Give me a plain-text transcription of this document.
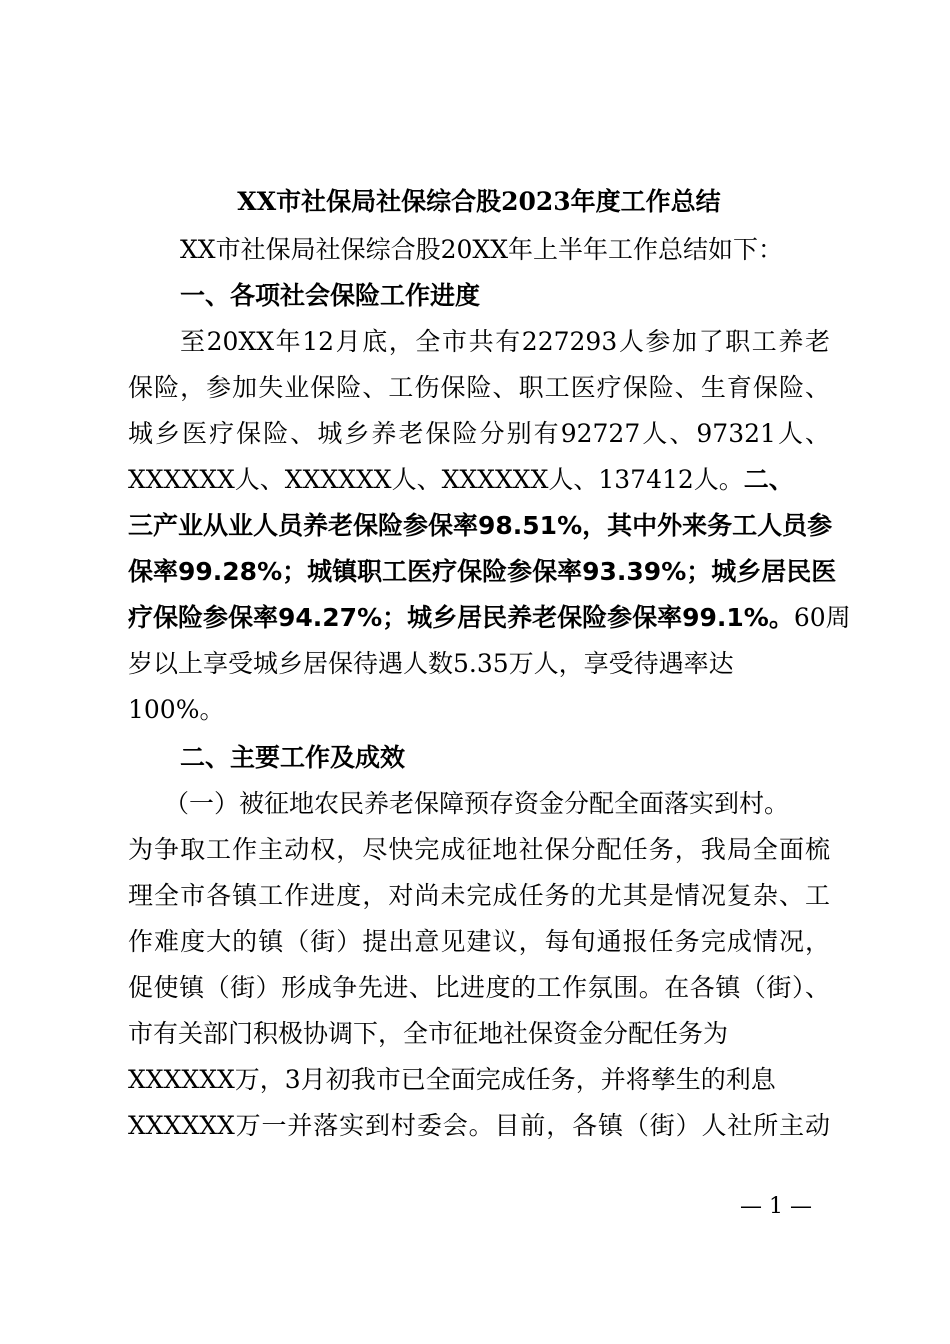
XX市社保局社保综合股2023年度工作总结
XX市社保局社保综合股20XX年上半年工作总结如下：
一、各项社会保险工作进度
至20XX年12月底，全市共有227293人参加了职工养老
保险，参加失业保险、工伤保险、职工医疗保险、生育保险、
城乡医疗保险、城乡养老保险分别有92727人、97321人、
XXXXXX人、XXXXXX人、XXXXXX人、137412人。二、
三产业从业人员养老保险参保率98.51%，其中外来务工人员参
保率99.28%；城镇职工医疗保险参保率93.39%；城乡居民医
疗保险参保率94.27%；城乡居民养老保险参保率99.1%。60周
岁以上享受城乡居保待遇人数5.35万人，享受待遇率达
100%。
二、主要工作及成效
（一）被征地农民养老保障预存资金分配全面落实到村。
为争取工作主动权，尽快完成征地社保分配任务，我局全面梳
理全市各镇工作进度，对尚未完成任务的尤其是情况复杂、工
作难度大的镇（街）提出意见建议，每旬通报任务完成情况，
促使镇（街）形成争先进、比进度的工作氛围。在各镇（街）、
市有关部门积极协调下，全市征地社保资金分配任务为
XXXXXX万，3月初我市已全面完成任务，并将孳生的利息
XXXXXX万一并落实到村委会。目前，各镇（街）人社所主动
— 1 —
